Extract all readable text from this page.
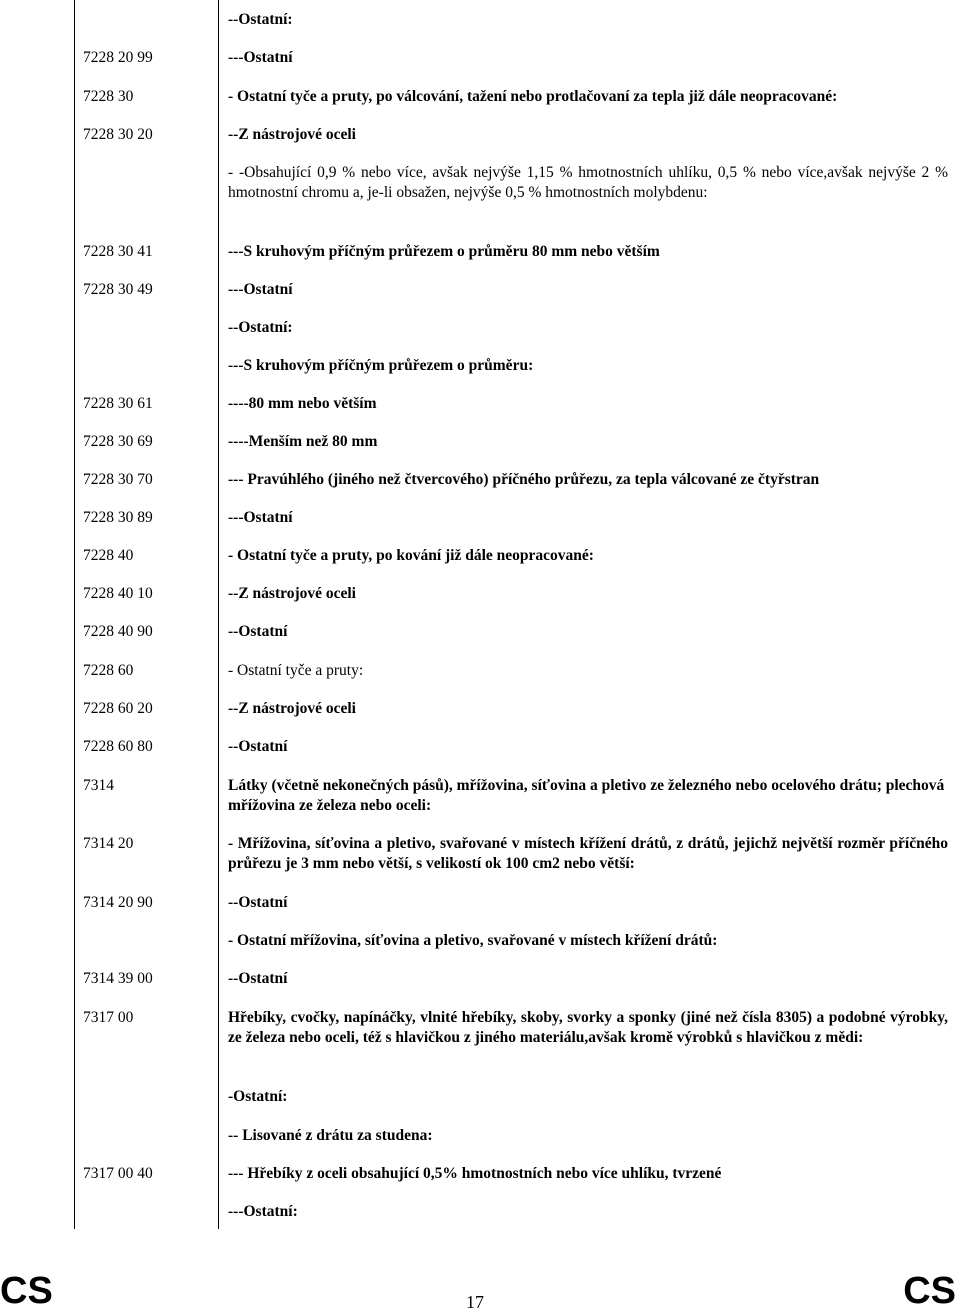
--Ostatní:
7228 20 99	---Ostatní
7228 30	- Ostatní tyče a pruty, po válcování, tažení nebo protlačovaní za tepla již dále neopracované:
7228 30 20	--Z nástrojové oceli
- -Obsahující 0,9 % nebo více, avšak nejvýše 1,15 % hmotnostních uhlíku, 0,5 % nebo více,avšak nejvýše 2 % hmotnostní chromu a, je-li obsažen, nejvýše 0,5 % hmotnostních molybdenu:
7228 30 41	---S kruhovým příčným průřezem o průměru 80 mm nebo větším
7228 30 49	---Ostatní
--Ostatní:
---S kruhovým příčným průřezem o průměru:
7228 30 61	----80 mm nebo větším
7228 30 69	----Menším než 80 mm
7228 30 70	--- Pravúhlého (jiného než čtvercového) příčného průřezu, za tepla válcované ze čtyřstran
7228 30 89	---Ostatní
7228 40	- Ostatní tyče a pruty, po kování již dále neopracované:
7228 40 10	--Z nástrojové oceli
7228 40 90	--Ostatní
7228 60	- Ostatní tyče a pruty:
7228 60 20	--Z nástrojové oceli
7228 60 80	--Ostatní
7314	Látky (včetně nekonečných pásů), mřížovina, síťovina a pletivo ze železného nebo ocelového drátu; plechová mřížovina ze železa nebo oceli:
7314 20	- Mřížovina, síťovina a pletivo, svařované v místech křížení drátů, z drátů, jejichž největší rozměr příčného průřezu je 3 mm nebo větší, s velikostí ok 100 cm2 nebo větší:
7314 20 90	--Ostatní
- Ostatní mřížovina, síťovina a pletivo, svařované v místech křížení drátů:
7314 39 00	--Ostatní
7317 00	Hřebíky, cvočky, napínáčky, vlnité hřebíky, skoby, svorky a sponky (jiné než čísla 8305) a podobné výrobky, ze železa nebo oceli, též s hlavičkou z jiného materiálu,avšak kromě výrobků s hlavičkou z mědi:
-Ostatní:
-- Lisované z drátu za studena:
7317 00 40	--- Hřebíky z oceli obsahující 0,5% hmotnostních nebo více uhlíku, tvrzené
---Ostatní:
CS	17	CS
